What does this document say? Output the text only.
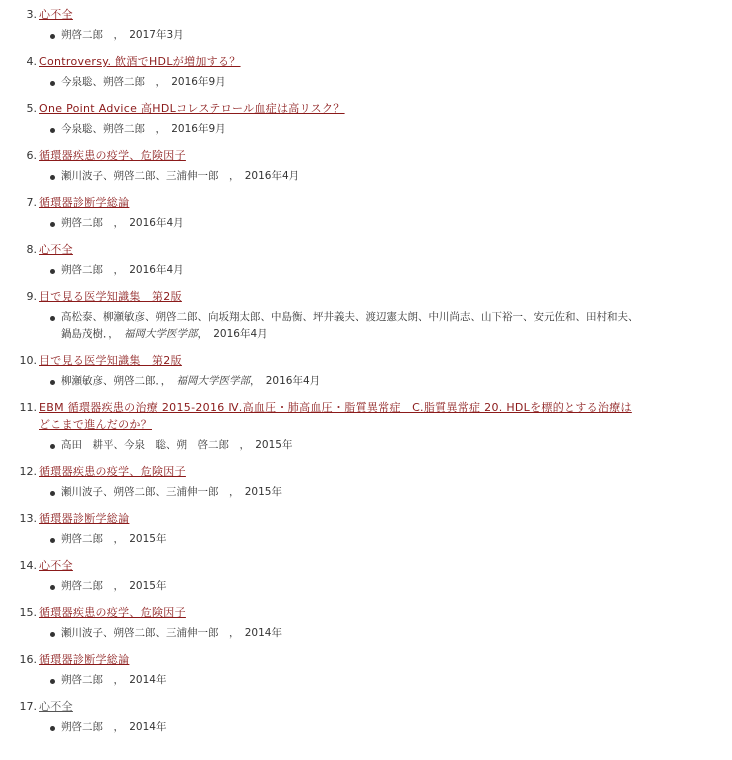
3. 心不全
朔啓二郎　，　2017年3月
4. Controversy. 飲酒でHDLが増加する？
今泉聡、朔啓二郎　，　2016年9月
5. One Point Advice 高HDLコレステロール血症は高リスク？
今泉聡、朔啓二郎　，　2016年9月
6. 循環器疾患の疫学、危険因子
瀬川波子、朔啓二郎、三浦伸一郎　，　2016年4月
7. 循環器診断学総論
朔啓二郎　，　2016年4月
8. 心不全
朔啓二郎　，　2016年4月
9. 目で見る医学知識集　第2版
高松泰、柳瀬敏彦、朔啓二郎、向坂翔太郎、中島衡、坪井義夫、渡辺憲太朗、中川尚志、山下裕一、安元佐和、田村和夫、鍋島茂樹．，　福岡大学医学部，　2016年4月
10. 目で見る医学知識集　第2版
柳瀬敏彦、朔啓二郎．，　福岡大学医学部，　2016年4月
11. EBM 循環器疾患の治療 2015-2016 Ⅳ.高血圧・肺高血圧・脂質異常症　C.脂質異常症 20. HDLを標的とする治療はどこまで進んだのか？
高田　耕平、今泉　聡、朔　啓二郎　，　2015年
12. 循環器疾患の疫学、危険因子
瀬川波子、朔啓二郎、三浦伸一郎　，　2015年
13. 循環器診断学総論
朔啓二郎　，　2015年
14. 心不全
朔啓二郎　，　2015年
15. 循環器疾患の疫学、危険因子
瀬川波子、朔啓二郎、三浦伸一郎　，　2014年
16. 循環器診断学総論
朔啓二郎　，　2014年
17. 心不全
朔啓二郎　，　2014年
